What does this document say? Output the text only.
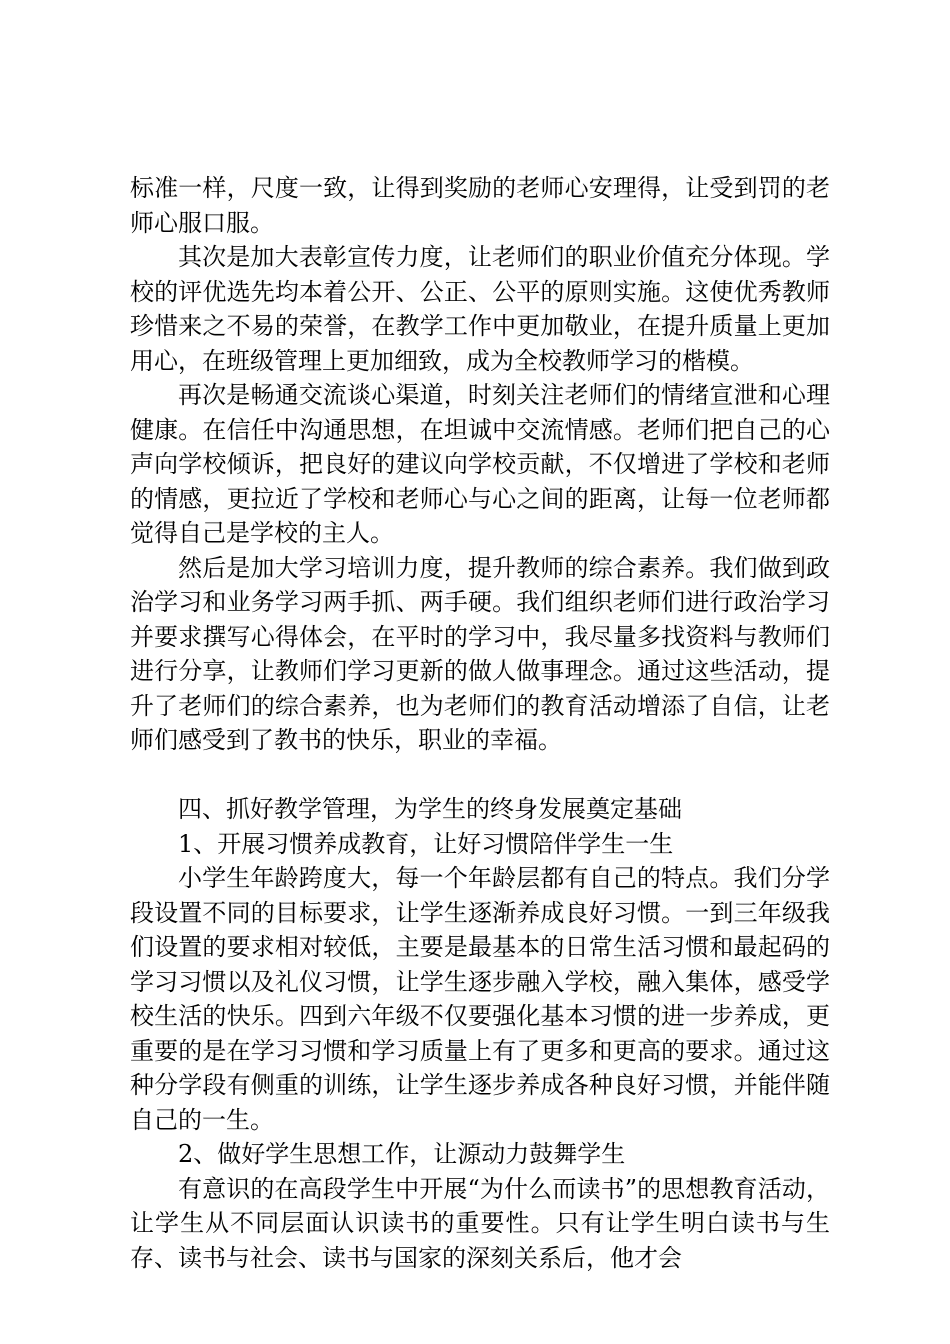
标准一样，尺度一致，让得到奖励的老师心安理得，让受到罚的老师心服口服。

其次是加大表彰宣传力度，让老师们的职业价值充分体现。学校的评优选先均本着公开、公正、公平的原则实施。这使优秀教师珍惜来之不易的荣誉，在教学工作中更加敬业，在提升质量上更加用心，在班级管理上更加细致，成为全校教师学习的楷模。

再次是畅通交流谈心渠道，时刻关注老师们的情绪宣泄和心理健康。在信任中沟通思想，在坦诚中交流情感。老师们把自己的心声向学校倾诉，把良好的建议向学校贡献，不仅增进了学校和老师的情感，更拉近了学校和老师心与心之间的距离，让每一位老师都觉得自己是学校的主人。

然后是加大学习培训力度，提升教师的综合素养。我们做到政治学习和业务学习两手抓、两手硬。我们组织老师们进行政治学习并要求撰写心得体会，在平时的学习中，我尽量多找资料与教师们进行分享，让教师们学习更新的做人做事理念。通过这些活动，提升了老师们的综合素养，也为老师们的教育活动增添了自信，让老师们感受到了教书的快乐，职业的幸福。

四、抓好教学管理，为学生的终身发展奠定基础

1、开展习惯养成教育，让好习惯陪伴学生一生

小学生年龄跨度大，每一个年龄层都有自己的特点。我们分学段设置不同的目标要求，让学生逐渐养成良好习惯。一到三年级我们设置的要求相对较低，主要是最基本的日常生活习惯和最起码的学习习惯以及礼仪习惯，让学生逐步融入学校，融入集体，感受学校生活的快乐。四到六年级不仅要强化基本习惯的进一步养成，更重要的是在学习习惯和学习质量上有了更多和更高的要求。通过这种分学段有侧重的训练，让学生逐步养成各种良好习惯，并能伴随自己的一生。

2、做好学生思想工作，让源动力鼓舞学生

有意识的在高段学生中开展“为什么而读书”的思想教育活动，让学生从不同层面认识读书的重要性。只有让学生明白读书与生存、读书与社会、读书与国家的深刻关系后，他才会
